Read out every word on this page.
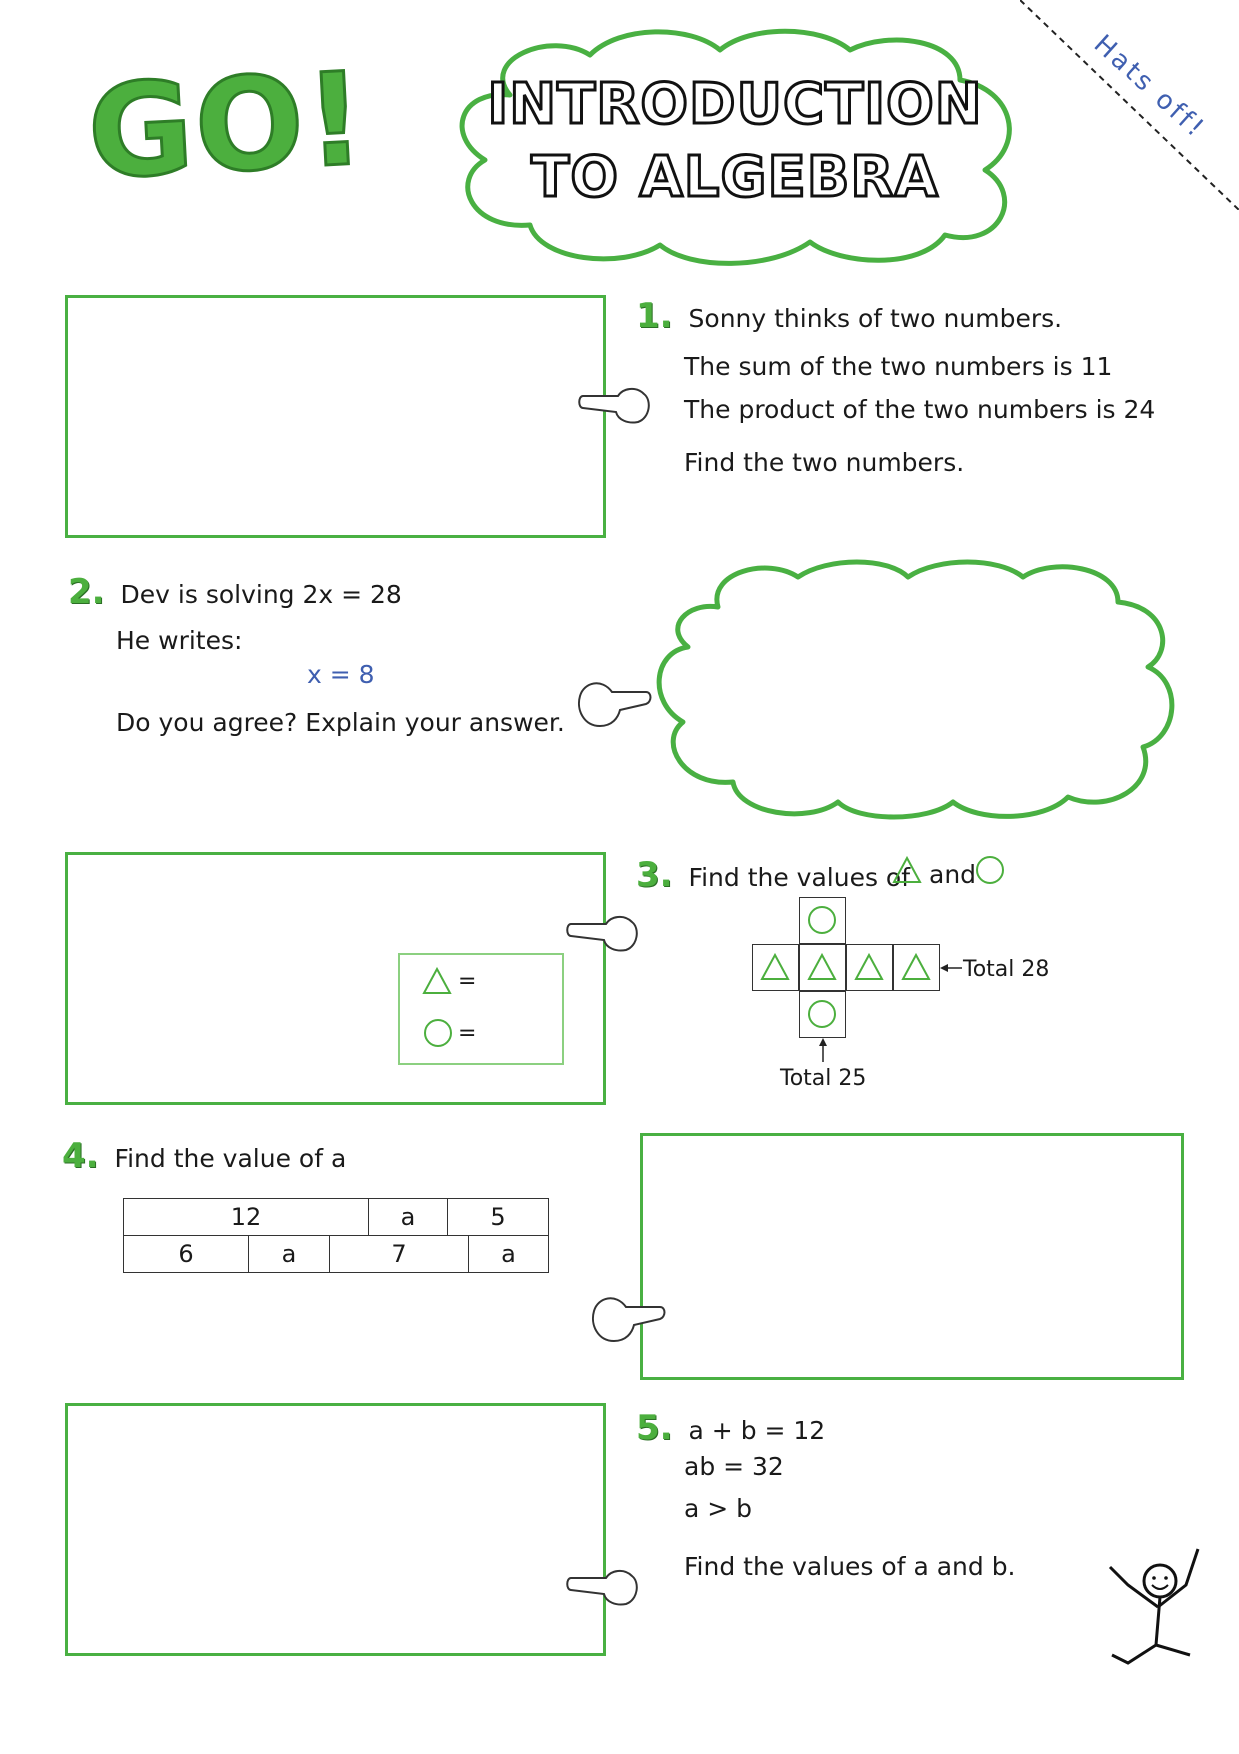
Hats off!
GO!	INTRODUCTION
TO ALGEBRA
1. Sonny thinks of two numbers.
The sum of the two numbers is 11
The product of the two numbers is 24
Find the two numbers.
2. Dev is solving 2x = 28
He writes:
x = 8
Do you agree? Explain your answer.
=
=
3. Find the values of and
Total 28
Total 25
4. Find the value of a
12	a	5
6	a	7	a
5. a + b = 12
ab = 32
a > b
Find the values of a and b.
